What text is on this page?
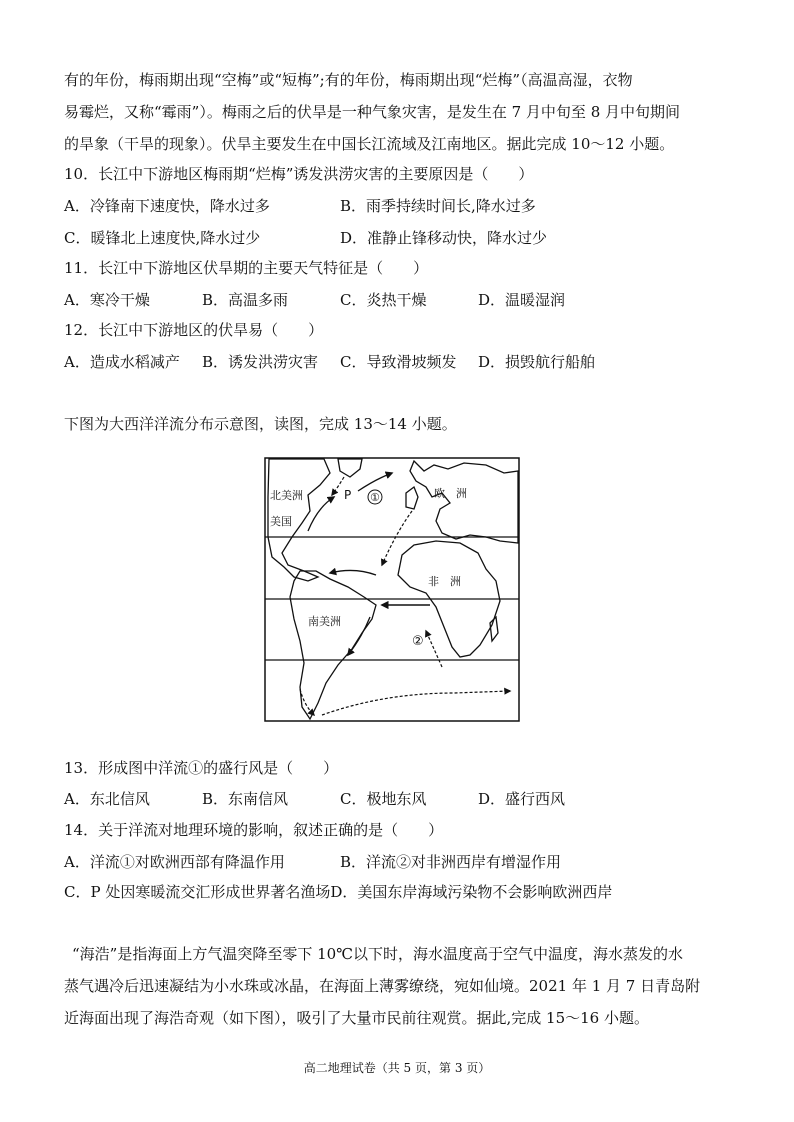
有的年份，梅雨期出现“空梅”或“短梅”;有的年份，梅雨期出现“烂梅”（高温高湿，衣物
易霉烂，又称“霉雨”）。梅雨之后的伏旱是一种气象灾害，是发生在 7 月中旬至 8 月中旬期间
的旱象（干旱的现象）。伏旱主要发生在中国长江流域及江南地区。据此完成 10～12 小题。
10．长江中下游地区梅雨期“烂梅”诱发洪涝灾害的主要原因是（　　）
A．冷锋南下速度快，降水过多	B．雨季持续时间长,降水过多
C．暖锋北上速度快,降水过少	D．准静止锋移动快，降水过少
11．长江中下游地区伏旱期的主要天气特征是（　　）
A．寒冷干燥	B．高温多雨	C．炎热干燥	D．温暖湿润
12．长江中下游地区的伏旱易（　　）
A．造成水稻减产 B．诱发洪涝灾害 C．导致滑坡频发 D．损毁航行船舶
下图为大西洋洋流分布示意图，读图，完成 13～14 小题。
北美洲
美国
P ①	欧　洲
非　洲
南美洲
②
13．形成图中洋流①的盛行风是（　　）
A．东北信风	B．东南信风	C．极地东风	D．盛行西风
14．关于洋流对地理环境的影响，叙述正确的是（　　）
A．洋流①对欧洲西部有降温作用	B．洋流②对非洲西岸有增湿作用
C．P 处因寒暖流交汇形成世界著名渔场D．美国东岸海域污染物不会影响欧洲西岸
“海浩”是指海面上方气温突降至零下 10℃以下时，海水温度高于空气中温度，海水蒸发的水
蒸气遇冷后迅速凝结为小水珠或冰晶，在海面上薄雾缭绕，宛如仙境。2021 年 1 月 7 日青岛附
近海面出现了海浩奇观（如下图），吸引了大量市民前往观赏。据此,完成 15～16 小题。
高二地理试卷（共 5 页，第 3 页）
